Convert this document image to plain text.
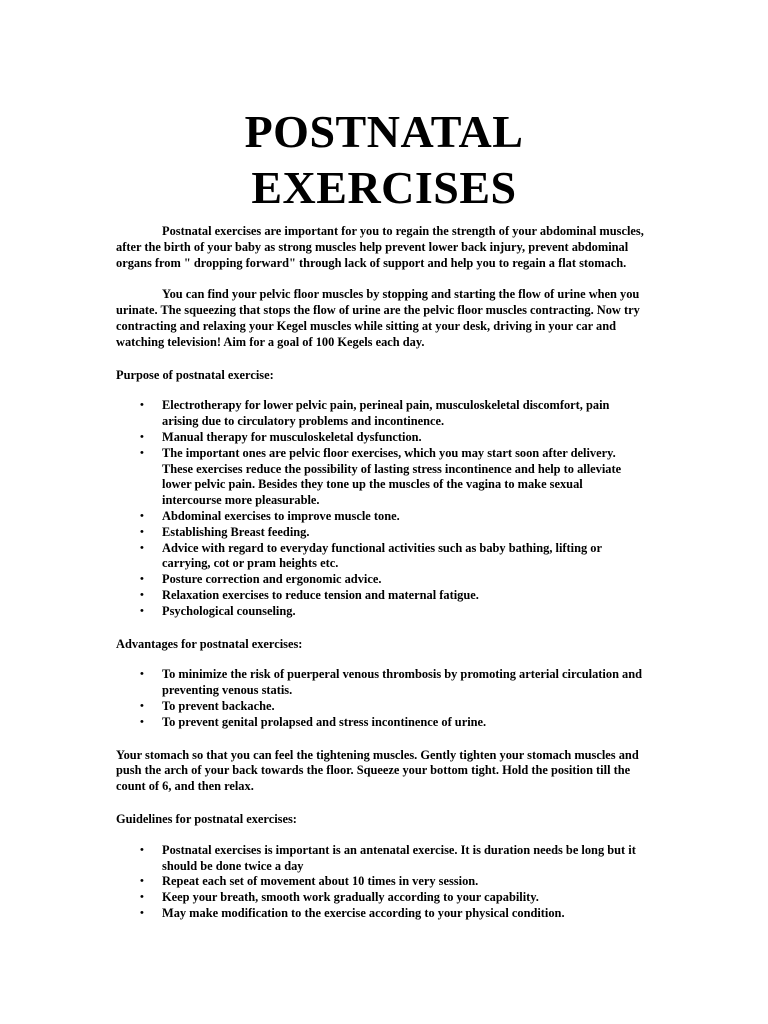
POSTNATAL
EXERCISES

Postnatal exercises are important for you to regain the strength of your abdominal muscles, after the birth of your baby as strong muscles help prevent lower back injury, prevent abdominal organs from " dropping forward" through lack of support and help you to regain a flat stomach.

You can find your pelvic floor muscles by stopping and starting the flow of urine when you urinate. The squeezing that stops the flow of urine are the pelvic floor muscles contracting. Now try contracting and relaxing your Kegel muscles while sitting at your desk, driving in your car and watching television! Aim for a goal of 100 Kegels each day.

Purpose of postnatal exercise:

• Electrotherapy for lower pelvic pain, perineal pain, musculoskeletal discomfort, pain arising due to circulatory problems and incontinence.
• Manual therapy for musculoskeletal dysfunction.
• The important ones are pelvic floor exercises, which you may start soon after delivery. These exercises reduce the possibility of lasting stress incontinence and help to alleviate lower pelvic pain. Besides they tone up the muscles of the vagina to make sexual intercourse more pleasurable.
• Abdominal exercises to improve muscle tone.
• Establishing Breast feeding.
• Advice with regard to everyday functional activities such as baby bathing, lifting or carrying, cot or pram heights etc.
• Posture correction and ergonomic advice.
• Relaxation exercises to reduce tension and maternal fatigue.
• Psychological counseling.

Advantages for postnatal exercises:

• To minimize the risk of puerperal venous thrombosis by promoting arterial circulation and preventing venous statis.
• To prevent backache.
• To prevent genital prolapsed and stress incontinence of urine.

Your stomach so that you can feel the tightening muscles. Gently tighten your stomach muscles and push the arch of your back towards the floor. Squeeze your bottom tight. Hold the position till the count of 6, and then relax.

Guidelines for postnatal exercises:

• Postnatal exercises is important is an antenatal exercise. It is duration needs be long but it should be done twice a day
• Repeat each set of movement about 10 times in very session.
• Keep your breath, smooth work gradually according to your capability.
• May make modification to the exercise according to your physical condition.
